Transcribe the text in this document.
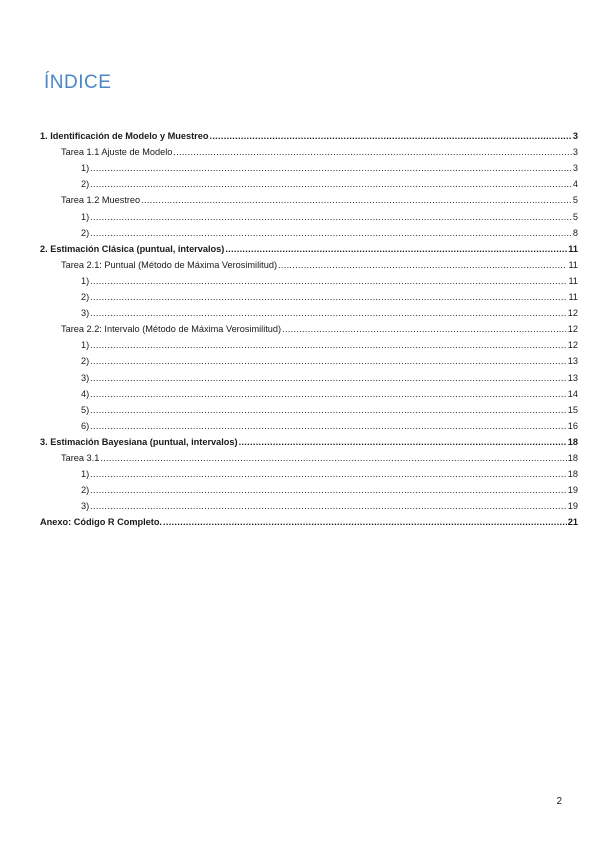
ÍNDICE
1. Identificación de Modelo y Muestreo .....	3
Tarea 1.1 Ajuste de Modelo .....	3
1) .....	3
2) .....	4
Tarea 1.2 Muestreo .....	5
1) .....	5
2) .....	8
2. Estimación Clásica (puntual, intervalos) .....	11
Tarea 2.1: Puntual (Método de Máxima Verosimilitud) .....	11
1) .....	11
2) .....	11
3) .....	12
Tarea 2.2: Intervalo (Método de Máxima Verosimilitud) .....	12
1) .....	12
2) .....	13
3) .....	13
4) .....	14
5) .....	15
6) .....	16
3. Estimación Bayesiana (puntual, intervalos) .....	18
Tarea 3.1 .....	18
1) .....	18
2) .....	19
3) .....	19
Anexo: Código R Completo. .....	21
2
